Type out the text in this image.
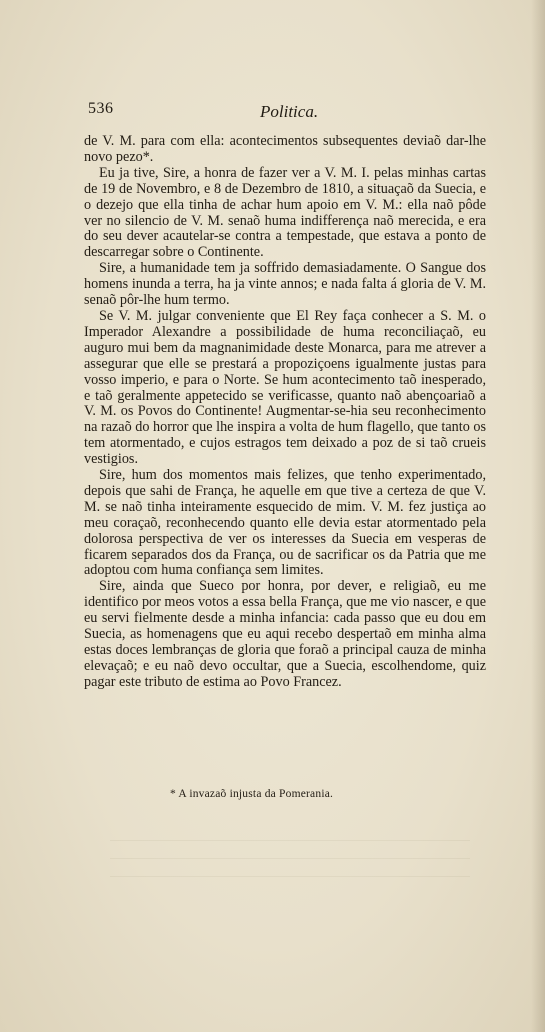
536	Politica.

de V. M. para com ella: acontecimentos subsequentes deviaõ dar-lhe novo pezo*.

Eu ja tive, Sire, a honra de fazer ver a V. M. I. pelas minhas cartas de 19 de Novembro, e 8 de Dezembro de 1810, a situaçaõ da Suecia, e o dezejo que ella tinha de achar hum apoio em V. M.: ella naõ pôde ver no silencio de V. M. senaõ huma indifferença naõ merecida, e era do seu dever acautelar-se contra a tempestade, que estava a ponto de descarregar sobre o Continente.

Sire, a humanidade tem ja soffrido demasiadamente. O Sangue dos homens inunda a terra, ha ja vinte annos; e nada falta á gloria de V. M. senaõ pôr-lhe hum termo.

Se V. M. julgar conveniente que El Rey faça conhecer a S. M. o Imperador Alexandre a possibilidade de huma reconciliaçaõ, eu auguro mui bem da magnanimidade deste Monarca, para me atrever a assegurar que elle se prestará a propoziçoens igualmente justas para vosso imperio, e para o Norte. Se hum acontecimento taõ inesperado, e taõ geralmente appetecido se verificasse, quanto naõ abençoariaõ a V. M. os Povos do Continente! Augmentar-se-hia seu reconhecimento na razaõ do horror que lhe inspira a volta de hum flagello, que tanto os tem atormentado, e cujos estragos tem deixado a poz de si taõ crueis vestigios.

Sire, hum dos momentos mais felizes, que tenho experimentado, depois que sahi de França, he aquelle em que tive a certeza de que V. M. se naõ tinha inteiramente esquecido de mim. V. M. fez justiça ao meu coraçaõ, reconhecendo quanto elle devia estar atormentado pela dolorosa perspectiva de ver os interesses da Suecia em vesperas de ficarem separados dos da França, ou de sacrificar os da Patria que me adoptou com huma confiança sem limites.

Sire, ainda que Sueco por honra, por dever, e religiaõ, eu me identifico por meos votos a essa bella França, que me vio nascer, e que eu servi fielmente desde a minha infancia: cada passo que eu dou em Suecia, as homenagens que eu aqui recebo despertaõ em minha alma estas doces lembranças de gloria que foraõ a principal cauza de minha elevaçaõ; e eu naõ devo occultar, que a Suecia, escolhendome, quiz pagar este tributo de estima ao Povo Francez.

* A invazaõ injusta da Pomerania.
